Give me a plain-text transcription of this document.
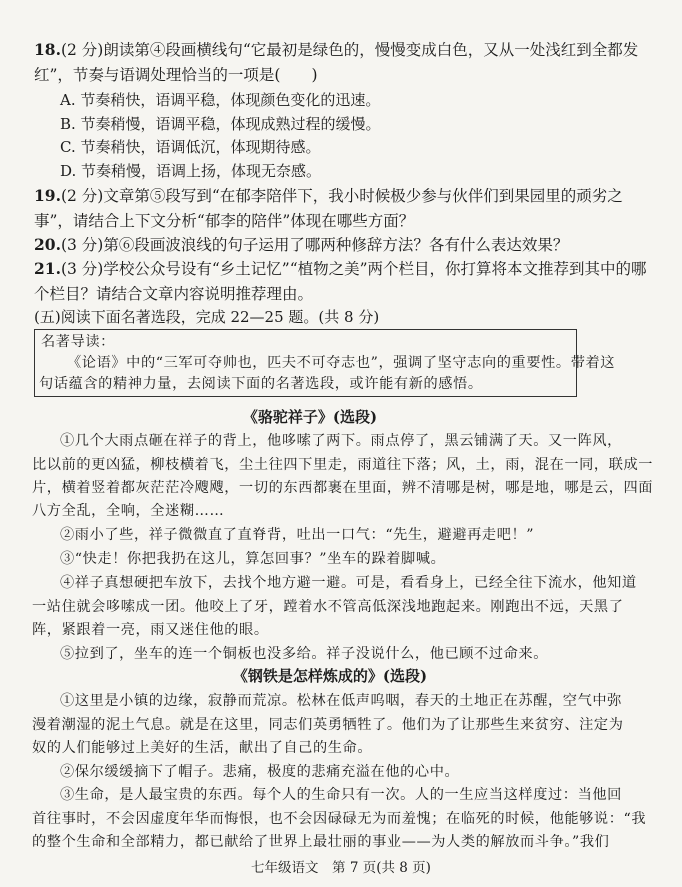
18.(2 分)朗读第④段画横线句“它最初是绿色的，慢慢变成白色，又从一处浅红到全都发
红”，节奏与语调处理恰当的一项是(　　)
A. 节奏稍快，语调平稳，体现颜色变化的迅速。
B. 节奏稍慢，语调平稳，体现成熟过程的缓慢。
C. 节奏稍快，语调低沉，体现期待感。
D. 节奏稍慢，语调上扬，体现无奈感。
19.(2 分)文章第⑤段写到“在郁李陪伴下，我小时候极少参与伙伴们到果园里的顽劣之
事”，请结合上下文分析“郁李的陪伴”体现在哪些方面？
20.(3 分)第⑥段画波浪线的句子运用了哪两种修辞方法？各有什么表达效果？
21.(3 分)学校公众号设有“乡土记忆”“植物之美”两个栏目，你打算将本文推荐到其中的哪
个栏目？请结合文章内容说明推荐理由。
(五)阅读下面名著选段，完成 22—25 题。(共 8 分)
名著导读：
《论语》中的“三军可夺帅也，匹夫不可夺志也”，强调了坚守志向的重要性。带着这
句话蕴含的精神力量，去阅读下面的名著选段，或许能有新的感悟。
《骆驼祥子》(选段)
①几个大雨点砸在祥子的背上，他哆嗦了两下。雨点停了，黑云铺满了天。又一阵风，
比以前的更凶猛，柳枝横着飞，尘土往四下里走，雨道往下落；风，土，雨，混在一同，联成一
片，横着竖着都灰茫茫冷飕飕，一切的东西都裹在里面，辨不清哪是树，哪是地，哪是云，四面
八方全乱，全响，全迷糊……
②雨小了些，祥子微微直了直脊背，吐出一口气：“先生，避避再走吧！”
③“快走！你把我扔在这儿，算怎回事？”坐车的跺着脚喊。
④祥子真想硬把车放下，去找个地方避一避。可是，看看身上，已经全往下流水，他知道
一站住就会哆嗦成一团。他咬上了牙，蹚着水不管高低深浅地跑起来。刚跑出不远，天黑了
阵，紧跟着一亮，雨又迷住他的眼。
⑤拉到了，坐车的连一个铜板也没多给。祥子没说什么，他已顾不过命来。
《钢铁是怎样炼成的》(选段)
①这里是小镇的边缘，寂静而荒凉。松林在低声呜咽，春天的土地正在苏醒，空气中弥
漫着潮湿的泥土气息。就是在这里，同志们英勇牺牲了。他们为了让那些生来贫穷、注定为
奴的人们能够过上美好的生活，献出了自己的生命。
②保尔缓缓摘下了帽子。悲痛，极度的悲痛充溢在他的心中。
③生命，是人最宝贵的东西。每个人的生命只有一次。人的一生应当这样度过：当他回
首往事时，不会因虚度年华而悔恨，也不会因碌碌无为而羞愧；在临死的时候，他能够说：“我
的整个生命和全部精力，都已献给了世界上最壮丽的事业——为人类的解放而斗争。”我们
七年级语文　第 7 页(共 8 页)
